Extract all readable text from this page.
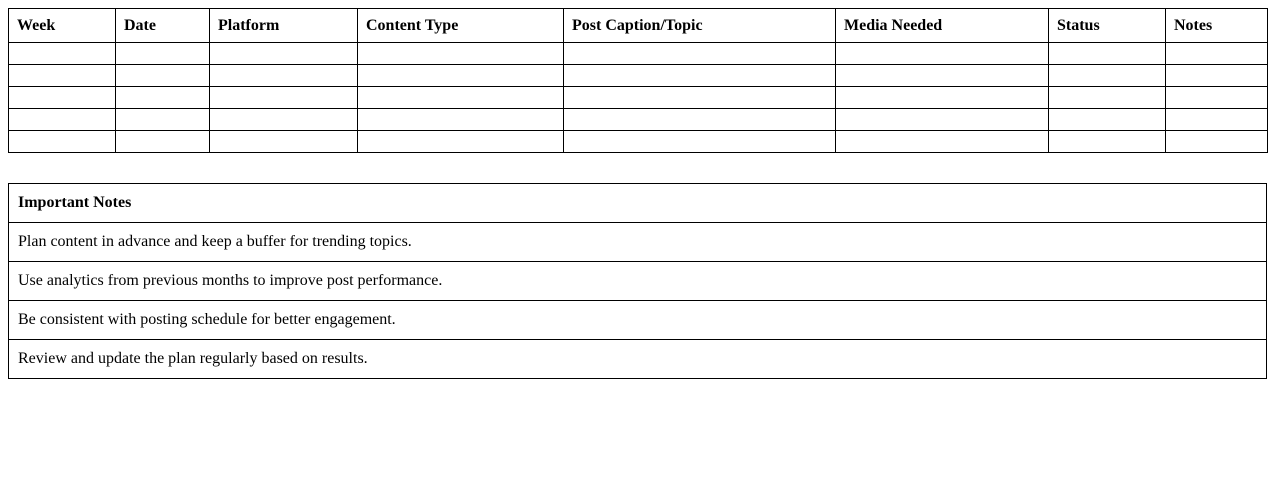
Week	Date	Platform	Content Type	Post Caption/Topic	Media Needed	Status	Notes

Important Notes
Plan content in advance and keep a buffer for trending topics.
Use analytics from previous months to improve post performance.
Be consistent with posting schedule for better engagement.
Review and update the plan regularly based on results.
